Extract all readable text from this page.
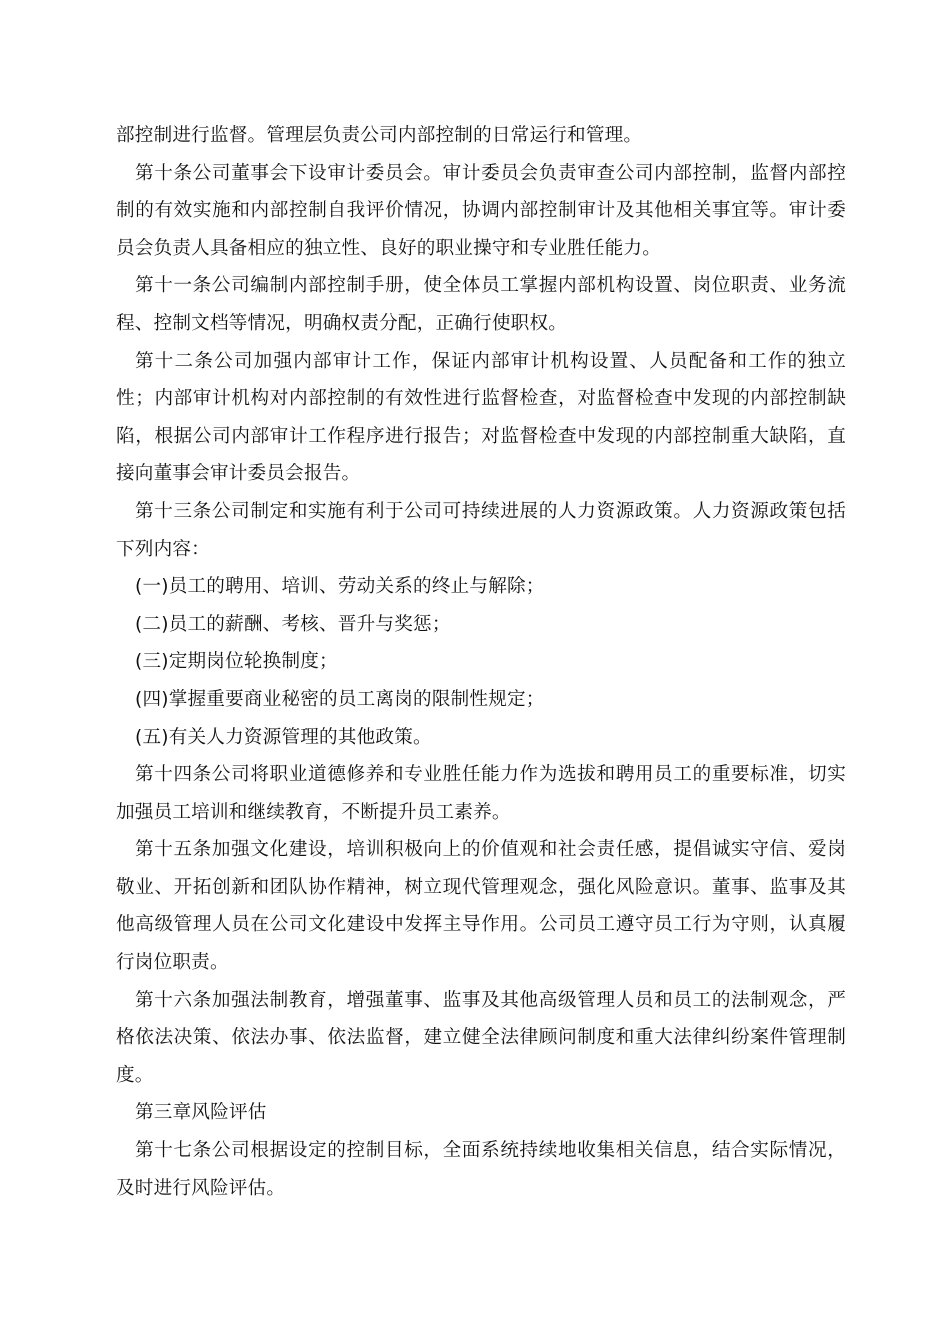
部控制进行监督。管理层负责公司内部控制的日常运行和管理。

第十条公司董事会下设审计委员会。审计委员会负责审查公司内部控制，监督内部控制的有效实施和内部控制自我评价情况，协调内部控制审计及其他相关事宜等。审计委员会负责人具备相应的独立性、良好的职业操守和专业胜任能力。

第十一条公司编制内部控制手册，使全体员工掌握内部机构设置、岗位职责、业务流程、控制文档等情况，明确权责分配，正确行使职权。

第十二条公司加强内部审计工作，保证内部审计机构设置、人员配备和工作的独立性；内部审计机构对内部控制的有效性进行监督检查，对监督检查中发现的内部控制缺陷，根据公司内部审计工作程序进行报告；对监督检查中发现的内部控制重大缺陷，直接向董事会审计委员会报告。

第十三条公司制定和实施有利于公司可持续进展的人力资源政策。人力资源政策包括下列内容：

(一)员工的聘用、培训、劳动关系的终止与解除；

(二)员工的薪酬、考核、晋升与奖惩；

(三)定期岗位轮换制度；

(四)掌握重要商业秘密的员工离岗的限制性规定；

(五)有关人力资源管理的其他政策。

第十四条公司将职业道德修养和专业胜任能力作为选拔和聘用员工的重要标准，切实加强员工培训和继续教育，不断提升员工素养。

第十五条加强文化建设，培训积极向上的价值观和社会责任感，提倡诚实守信、爱岗敬业、开拓创新和团队协作精神，树立现代管理观念，强化风险意识。董事、监事及其他高级管理人员在公司文化建设中发挥主导作用。公司员工遵守员工行为守则，认真履行岗位职责。

第十六条加强法制教育，增强董事、监事及其他高级管理人员和员工的法制观念，严格依法决策、依法办事、依法监督，建立健全法律顾问制度和重大法律纠纷案件管理制度。

第三章风险评估

第十七条公司根据设定的控制目标，全面系统持续地收集相关信息，结合实际情况，及时进行风险评估。
